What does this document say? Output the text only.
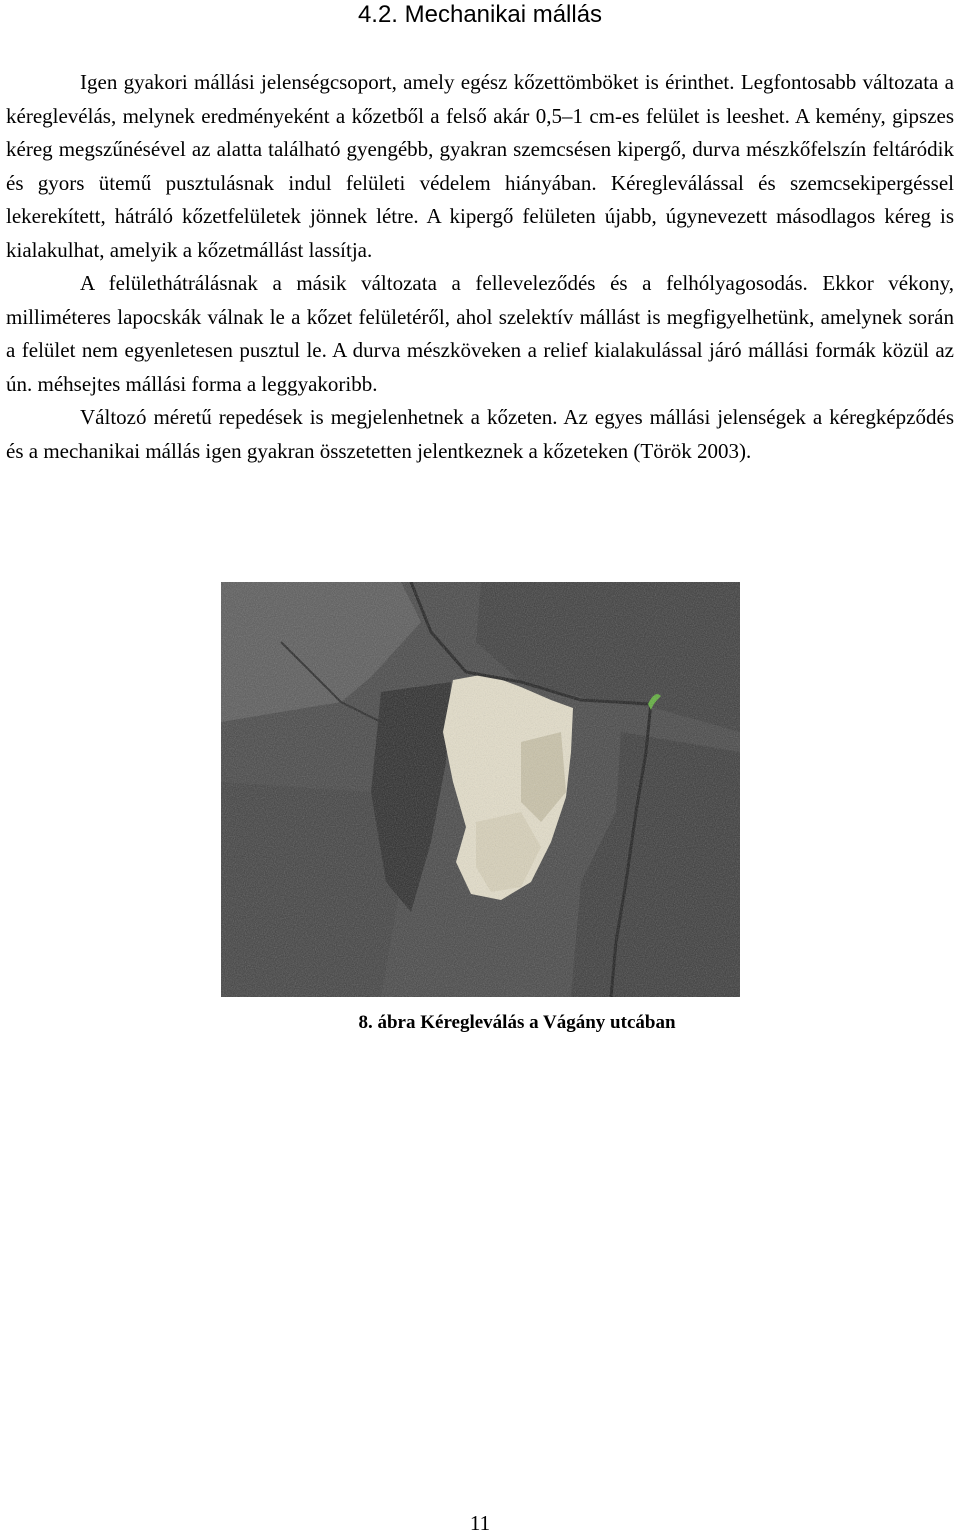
4.2. Mechanikai mállás

Igen gyakori mállási jelenségcsoport, amely egész kőzettömböket is érinthet. Legfontosabb változata a kéreglevélás, melynek eredményeként a kőzetből a felső akár 0,5–1 cm-es felület is leeshet. A kemény, gipszes kéreg megszűnésével az alatta található gyengébb, gyakran szemcsésen kipergő, durva mészkőfelszín feltáródik és gyors ütemű pusztulásnak indul felületi védelem hiányában. Kéregleválással és szemcsekipergéssel lekerekített, hátráló kőzetfelületek jönnek létre. A kipergő felületen újabb, úgynevezett másodlagos kéreg is kialakulhat, amelyik a kőzetmállást lassítja.

A felülethátrálásnak a másik változata a felleveleződés és a felhólyagosodás. Ekkor vékony, milliméteres lapocskák válnak le a kőzet felületéről, ahol szelektív mállást is megfigyelhetünk, amelynek során a felület nem egyenletesen pusztul le. A durva mészköveken a relief kialakulással járó mállási formák közül az ún. méhsejtes mállási forma a leggyakoribb.

Változó méretű repedések is megjelenhetnek a kőzeten. Az egyes mállási jelenségek a kéregképződés és a mechanikai mállás igen gyakran összetetten jelentkeznek a kőzeteken (Török 2003).

8. ábra Kéregleválás a Vágány utcában
11
